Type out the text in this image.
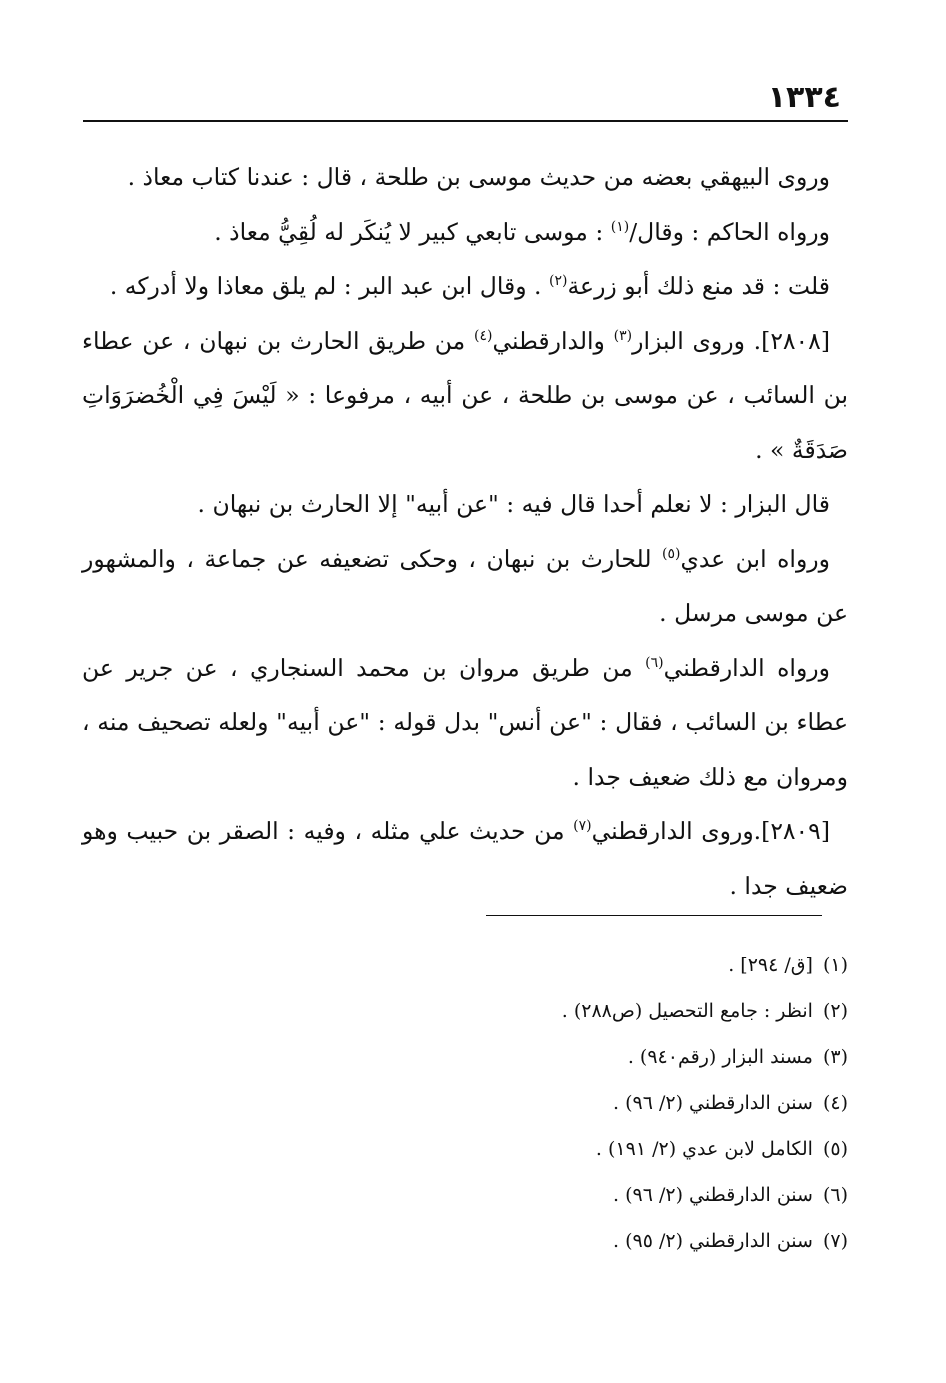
١٣٣٤

وروى البيهقي بعضه من حديث موسى بن طلحة ، قال : عندنا كتاب معاذ .

ورواه الحاكم : وقال/$^{(١)}$ : موسى تابعي كبير لا يُنكَر له لُقِيُّ معاذ .

قلت : قد منع ذلك أبو زرعة$^{(٢)}$ . وقال ابن عبد البر : لم يلق معاذا ولا أدركه .

[٢٨٠٨]. وروى البزار$^{(٣)}$ والدارقطني$^{(٤)}$ من طريق الحارث بن نبهان ، عن عطاء بن السائب ، عن موسى بن طلحة ، عن أبيه ، مرفوعا : « لَيْسَ فِي الْخُضرَوَاتِ صَدَقَةٌ » .

قال البزار : لا نعلم أحدا قال فيه : "عن أبيه" إلا الحارث بن نبهان .

ورواه ابن عدي$^{(٥)}$ للحارث بن نبهان ، وحكى تضعيفه عن جماعة ، والمشهور عن موسى مرسل .

ورواه الدارقطني$^{(٦)}$ من طريق مروان بن محمد السنجاري ، عن جرير عن عطاء بن السائب ، فقال : "عن أنس" بدل قوله : "عن أبيه" ولعله تصحيف منه ، ومروان مع ذلك ضعيف جدا .

[٢٨٠٩].وروى الدارقطني$^{(٧)}$ من حديث علي مثله ، وفيه : الصقر بن حبيب وهو ضعيف جدا .

(١)[ق/ ٢٩٤] .
(٢)انظر : جامع التحصيل (ص٢٨٨) .
(٣)مسند البزار (رقم٩٤٠) .
(٤)سنن الدارقطني (٢/ ٩٦) .
(٥)الكامل لابن عدي (٢/ ١٩١) .
(٦)سنن الدارقطني (٢/ ٩٦) .
(٧)سنن الدارقطني (٢/ ٩٥) .
